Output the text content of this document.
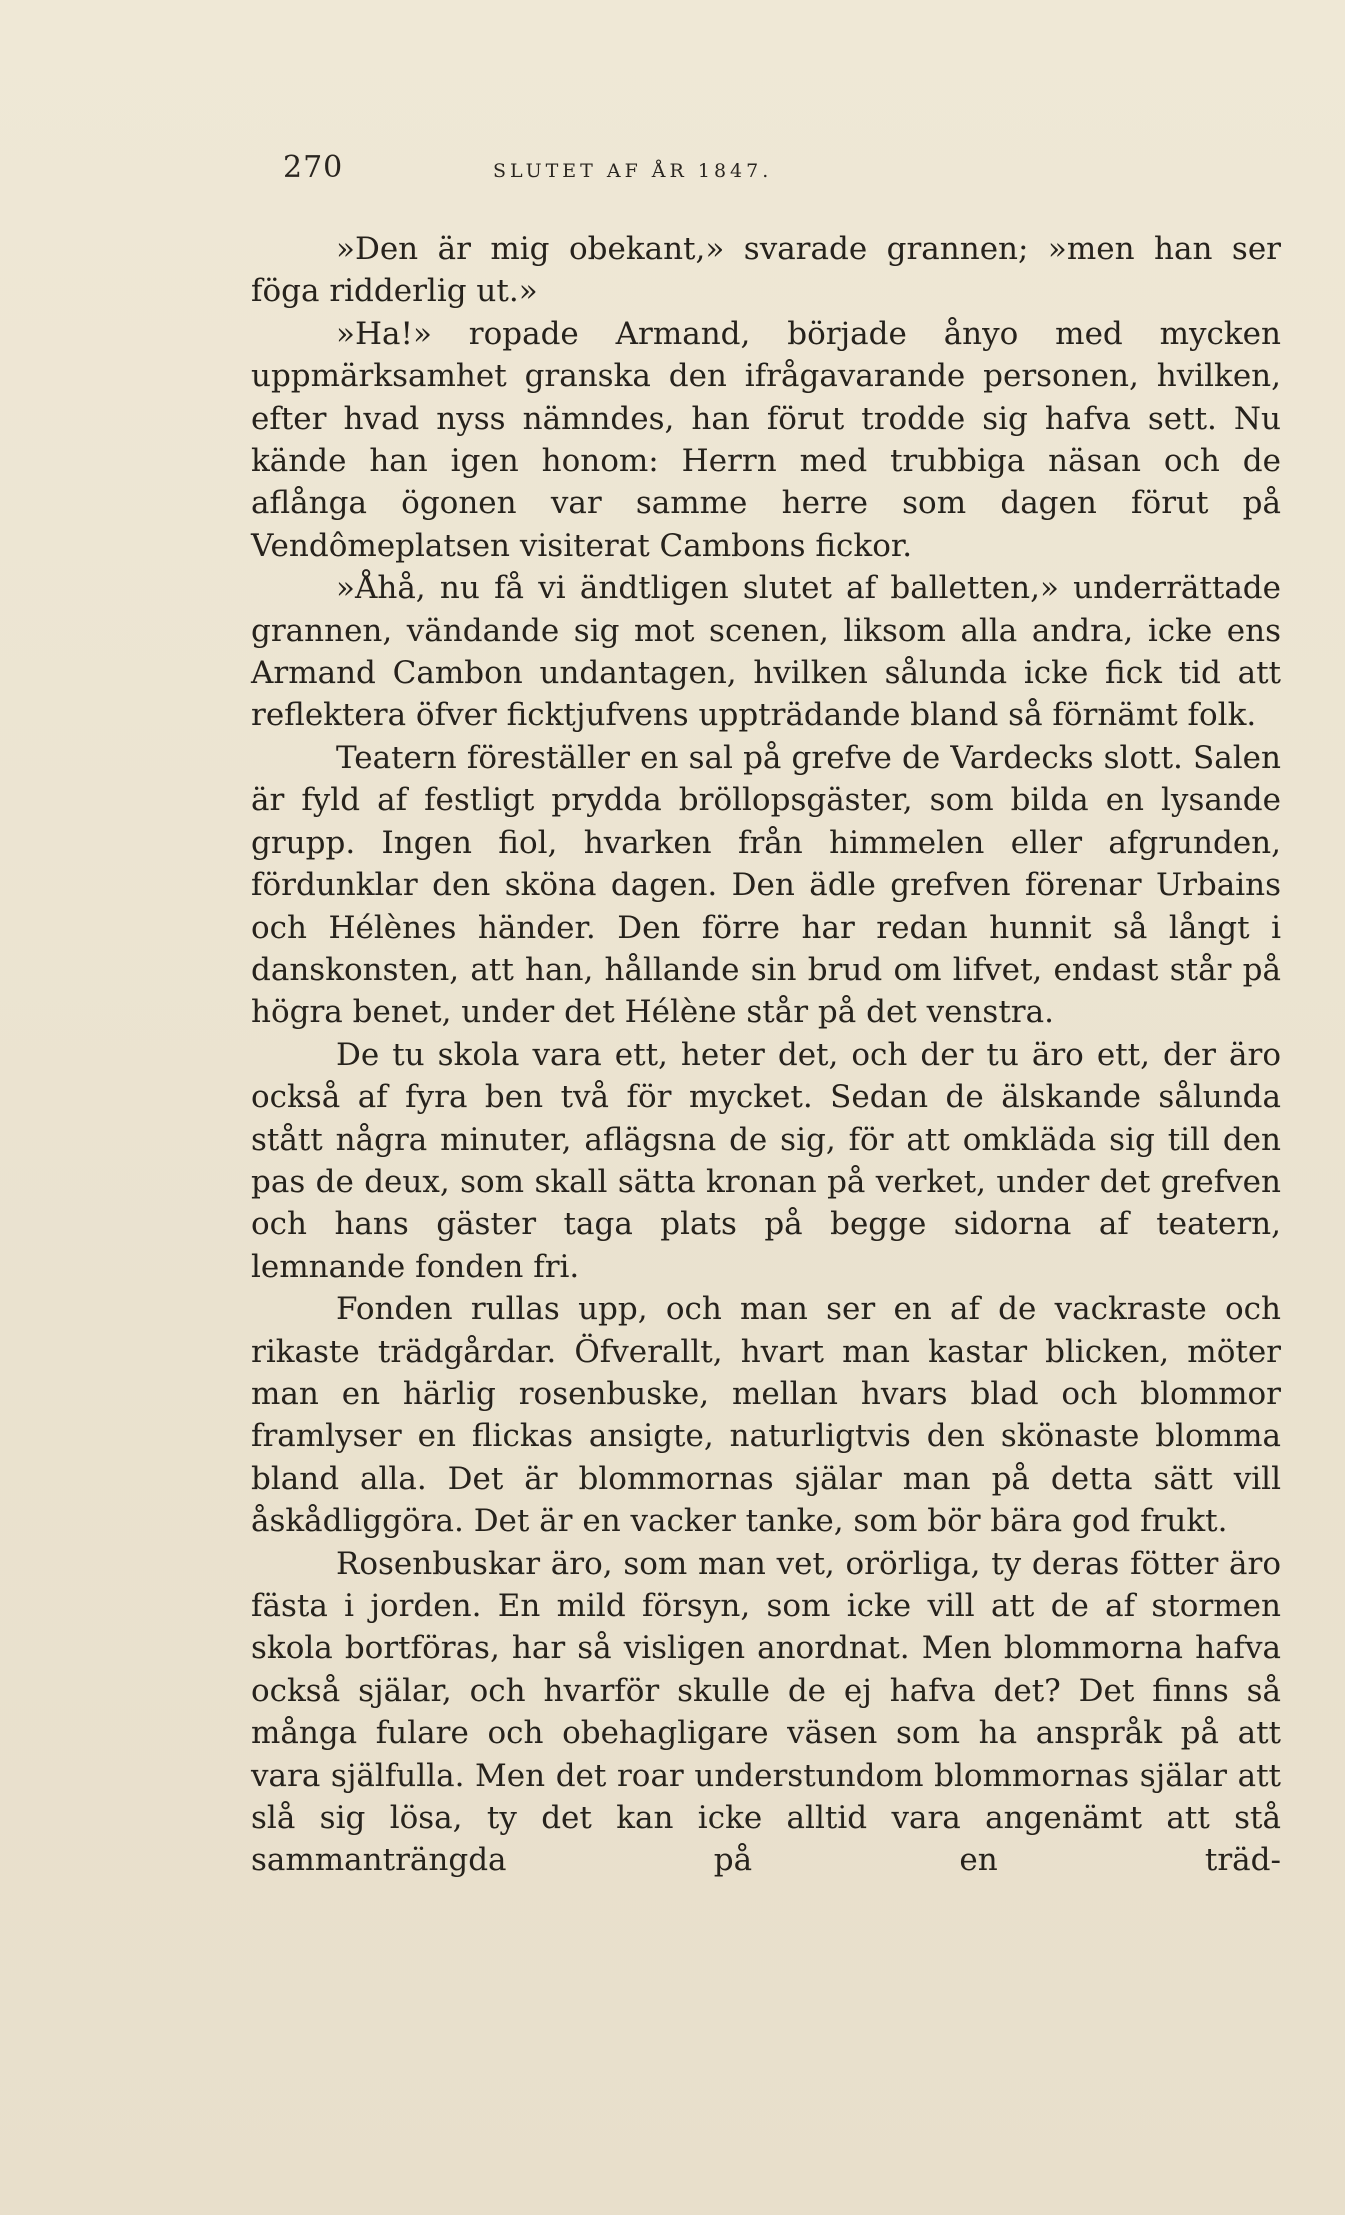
270	SLUTET AF ÅR 1847.

»Den är mig obekant,» svarade grannen; »men han ser föga ridderlig ut.»

»Ha!» ropade Armand, började ånyo med mycken uppmärksamhet granska den ifrågavarande personen, hvilken, efter hvad nyss nämndes, han förut trodde sig hafva sett. Nu kände han igen honom: Herrn med trubbiga näsan och de aflånga ögonen var samme herre som dagen förut på Vendômeplatsen visiterat Cambons fickor.

»Åhå, nu få vi ändtligen slutet af balletten,» underrättade grannen, vändande sig mot scenen, liksom alla andra, icke ens Armand Cambon undantagen, hvilken sålunda icke fick tid att reflektera öfver ficktjufvens uppträdande bland så förnämt folk.

Teatern föreställer en sal på grefve de Vardecks slott. Salen är fyld af festligt prydda bröllopsgäster, som bilda en lysande grupp. Ingen fiol, hvarken från himmelen eller afgrunden, fördunklar den sköna dagen. Den ädle grefven förenar Urbains och Hélènes händer. Den förre har redan hunnit så långt i danskonsten, att han, hållande sin brud om lifvet, endast står på högra benet, under det Hélène står på det venstra.

De tu skola vara ett, heter det, och der tu äro ett, der äro också af fyra ben två för mycket. Sedan de älskande sålunda stått några minuter, aflägsna de sig, för att omkläda sig till den pas de deux, som skall sätta kronan på verket, under det grefven och hans gäster taga plats på begge sidorna af teatern, lemnande fonden fri.

Fonden rullas upp, och man ser en af de vackraste och rikaste trädgårdar. Öfverallt, hvart man kastar blicken, möter man en härlig rosenbuske, mellan hvars blad och blommor framlyser en flickas ansigte, naturligtvis den skönaste blomma bland alla. Det är blommornas själar man på detta sätt vill åskådliggöra. Det är en vacker tanke, som bör bära god frukt.

Rosenbuskar äro, som man vet, orörliga, ty deras fötter äro fästa i jorden. En mild försyn, som icke vill att de af stormen skola bortföras, har så visligen anordnat. Men blommorna hafva också själar, och hvarför skulle de ej hafva det? Det finns så många fulare och obehagligare väsen som ha anspråk på att vara själfulla. Men det roar understundom blommornas själar att slå sig lösa, ty det kan icke alltid vara angenämt att stå sammanträngda på en träd-
